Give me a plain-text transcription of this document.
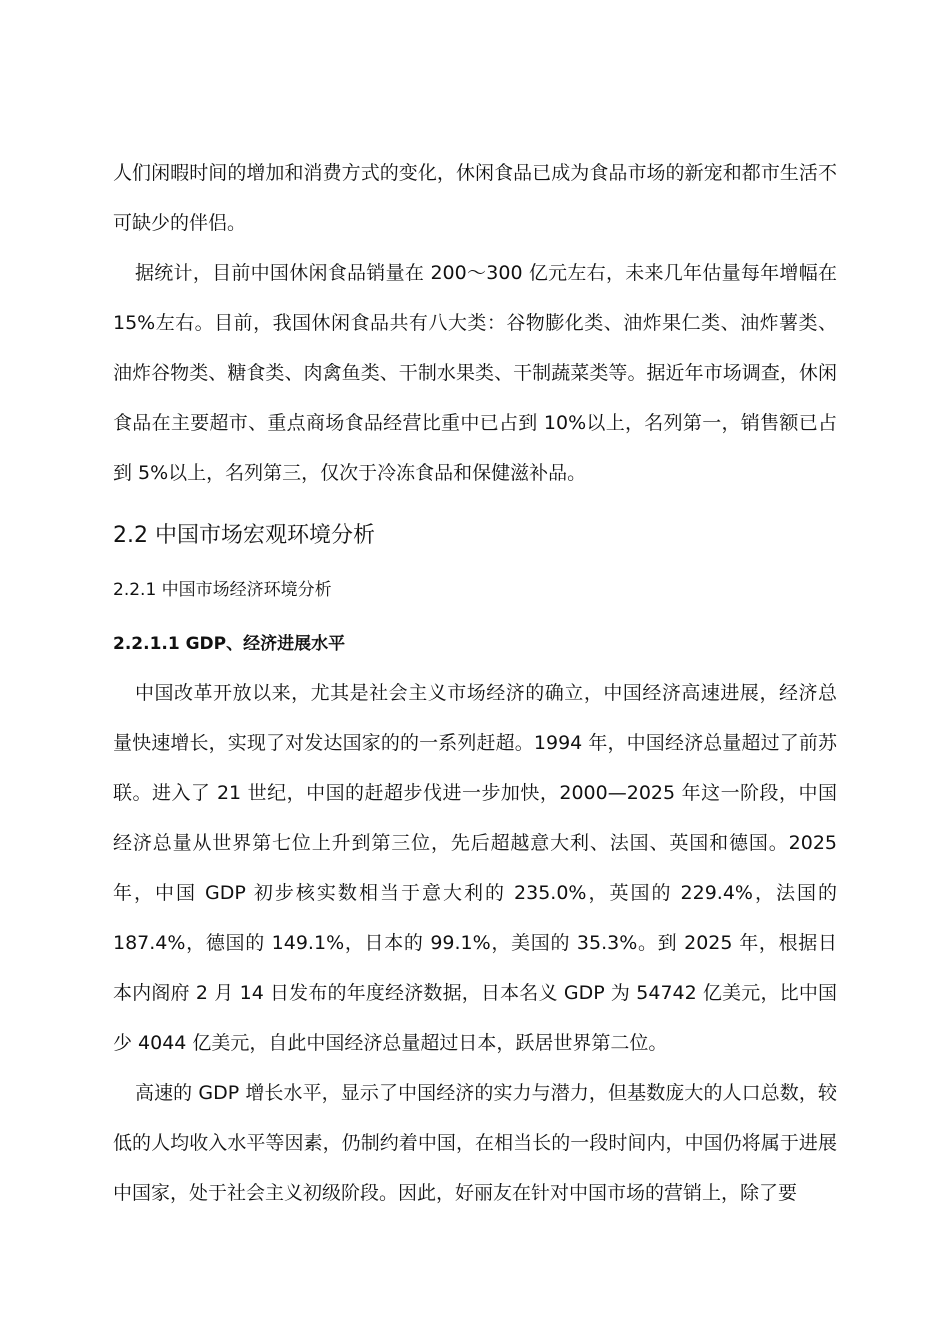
人们闲暇时间的增加和消费方式的变化，休闲食品已成为食品市场的新宠和都市生活不可缺少的伴侣。

据统计，目前中国休闲食品销量在 200～300 亿元左右，未来几年估量每年增幅在 15%左右。目前，我国休闲食品共有八大类：谷物膨化类、油炸果仁类、油炸薯类、油炸谷物类、糖食类、肉禽鱼类、干制水果类、干制蔬菜类等。据近年市场调查，休闲食品在主要超市、重点商场食品经营比重中已占到 10%以上，名列第一，销售额已占到 5%以上，名列第三，仅次于冷冻食品和保健滋补品。

2.2 中国市场宏观环境分析
2.2.1 中国市场经济环境分析
2.2.1.1 GDP、经济进展水平

中国改革开放以来，尤其是社会主义市场经济的确立，中国经济高速进展，经济总量快速增长，实现了对发达国家的的一系列赶超。1994 年，中国经济总量超过了前苏联。进入了 21 世纪，中国的赶超步伐进一步加快，2000—2025 年这一阶段，中国经济总量从世界第七位上升到第三位，先后超越意大利、法国、英国和德国。2025 年，中国 GDP 初步核实数相当于意大利的 235.0%，英国的 229.4%，法国的 187.4%，德国的 149.1%，日本的 99.1%，美国的 35.3%。到 2025 年，根据日本内阁府 2 月 14 日发布的年度经济数据，日本名义 GDP 为 54742 亿美元，比中国少 4044 亿美元，自此中国经济总量超过日本，跃居世界第二位。

高速的 GDP 增长水平，显示了中国经济的实力与潜力，但基数庞大的人口总数，较低的人均收入水平等因素，仍制约着中国，在相当长的一段时间内，中国仍将属于进展中国家，处于社会主义初级阶段。因此，好丽友在针对中国市场的营销上，除了要
